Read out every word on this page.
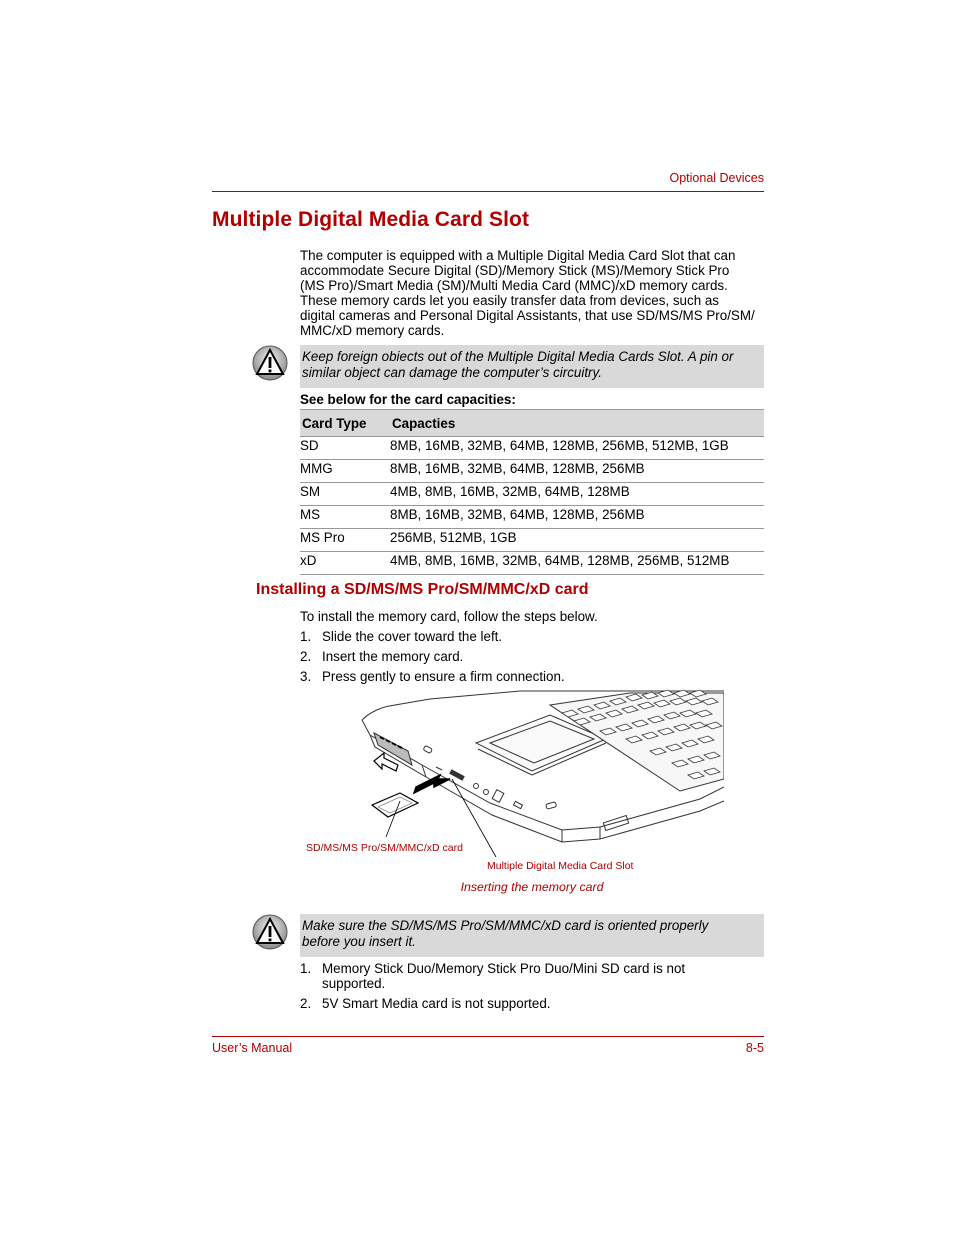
Optional Devices
Multiple Digital Media Card Slot
The computer is equipped with a Multiple Digital Media Card Slot that can
accommodate Secure Digital (SD)/Memory Stick (MS)/Memory Stick Pro
(MS Pro)/Smart Media (SM)/Multi Media Card (MMC)/xD memory cards.
These memory cards let you easily transfer data from devices, such as
digital cameras and Personal Digital Assistants, that use SD/MS/MS Pro/SM/
MMC/xD memory cards.
Keep foreign obiects out of the Multiple Digital Media Cards Slot. A pin or
similar object can damage the computer’s circuitry.
See below for the card capacities:
Card Type	Capacties
SD	8MB, 16MB, 32MB, 64MB, 128MB, 256MB, 512MB, 1GB
MMG	8MB, 16MB, 32MB, 64MB, 128MB, 256MB
SM	4MB, 8MB, 16MB, 32MB, 64MB, 128MB
MS	8MB, 16MB, 32MB, 64MB, 128MB, 256MB
MS Pro	256MB, 512MB, 1GB
xD	4MB, 8MB, 16MB, 32MB, 64MB, 128MB, 256MB, 512MB
Installing a SD/MS/MS Pro/SM/MMC/xD card
To install the memory card, follow the steps below.
1. Slide the cover toward the left.
2. Insert the memory card.
3. Press gently to ensure a firm connection.
SD/MS/MS Pro/SM/MMC/xD card
Multiple Digital Media Card Slot
Inserting the memory card
Make sure the SD/MS/MS Pro/SM/MMC/xD card is oriented properly
before you insert it.
1. Memory Stick Duo/Memory Stick Pro Duo/Mini SD card is not
supported.
2. 5V Smart Media card is not supported.
User’s Manual	8-5
